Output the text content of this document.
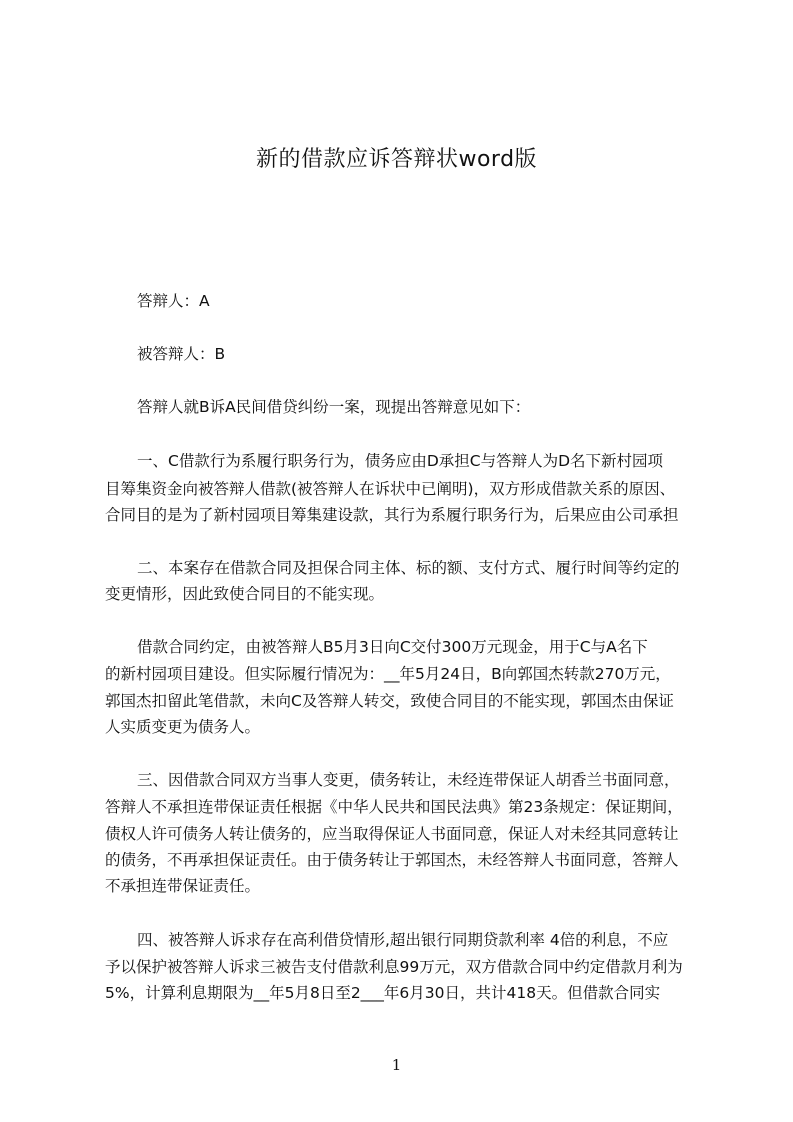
新的借款应诉答辩状word版

答辩人：A

被答辩人：B

答辩人就B诉A民间借贷纠纷一案，现提出答辩意见如下：

一、C借款行为系履行职务行为，债务应由D承担C与答辩人为D名下新村园项

目筹集资金向被答辩人借款(被答辩人在诉状中已阐明)，双方形成借款关系的原因、

合同目的是为了新村园项目筹集建设款，其行为系履行职务行为，后果应由公司承担

二、本案存在借款合同及担保合同主体、标的额、支付方式、履行时间等约定的

变更情形，因此致使合同目的不能实现。

借款合同约定，由被答辩人B5月3日向C交付300万元现金，用于C与A名下

的新村园项目建设。但实际履行情况为：__年5月24日，B向郭国杰转款270万元，

郭国杰扣留此笔借款，未向C及答辩人转交，致使合同目的不能实现，郭国杰由保证

人实质变更为债务人。

三、因借款合同双方当事人变更，债务转让，未经连带保证人胡香兰书面同意，

答辩人不承担连带保证责任根据《中华人民共和国民法典》第23条规定：保证期间，

债权人许可债务人转让债务的，应当取得保证人书面同意，保证人对未经其同意转让

的债务，不再承担保证责任。由于债务转让于郭国杰，未经答辩人书面同意，答辩人

不承担连带保证责任。

四、被答辩人诉求存在高利借贷情形,超出银行同期贷款利率 4倍的利息，不应

予以保护被答辩人诉求三被告支付借款利息99万元，双方借款合同中约定借款月利为

5%，计算利息期限为__年5月8日至2___年6月30日，共计418天。但借款合同实

1
